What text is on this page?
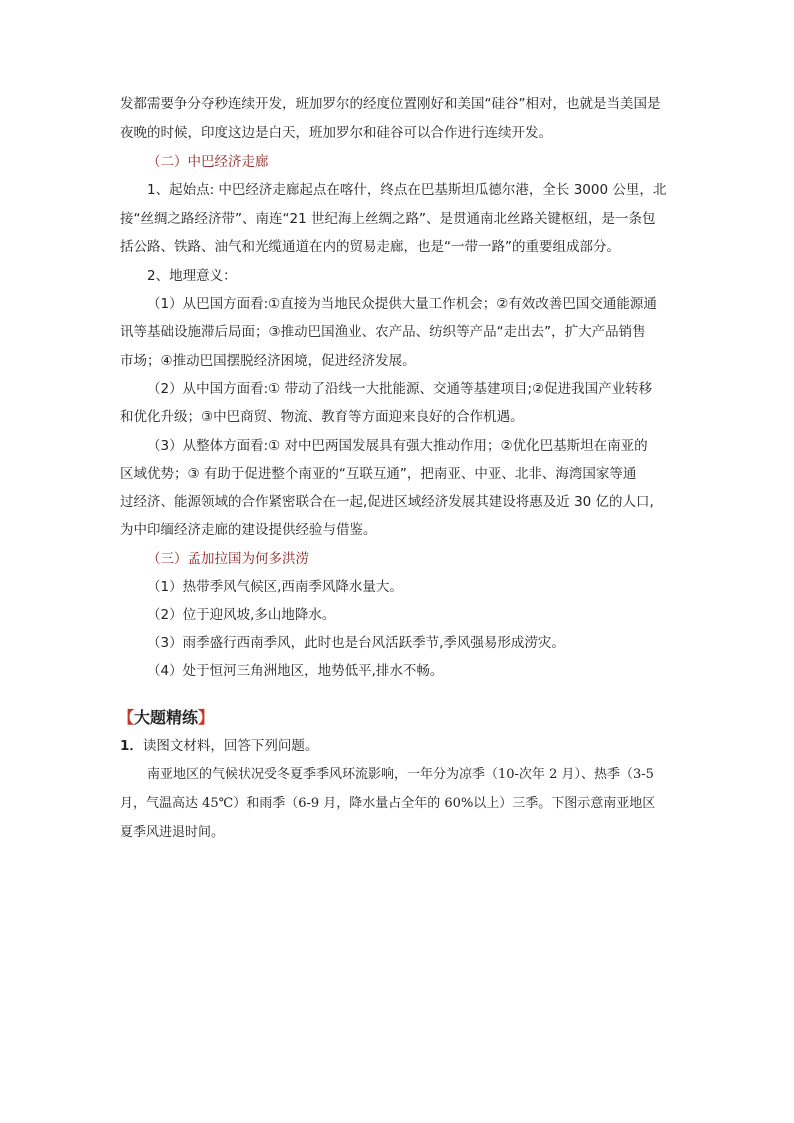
发都需要争分夺秒连续开发，班加罗尔的经度位置刚好和美国“硅谷”相对，也就是当美国是
夜晚的时候，印度这边是白天，班加罗尔和硅谷可以合作进行连续开发。
（二）中巴经济走廊
1、起始点: 中巴经济走廊起点在喀什，终点在巴基斯坦瓜德尔港，全长 3000 公里，北
接“丝绸之路经济带”、南连“21 世纪海上丝绸之路”、是贯通南北丝路关键枢纽，是一条包
括公路、铁路、油气和光缆通道在内的贸易走廊，也是“一带一路”的重要组成部分。
2、地理意义：
（1）从巴国方面看:①直接为当地民众提供大量工作机会；②有效改善巴国交通能源通
讯等基础设施滞后局面；③推动巴国渔业、农产品、纺织等产品“走出去”，扩大产品销售
市场；④推动巴国摆脱经济困境，促进经济发展。
（2）从中国方面看:① 带动了沿线一大批能源、交通等基建项目;②促进我国产业转移
和优化升级；③中巴商贸、物流、教育等方面迎来良好的合作机遇。
（3）从整体方面看:① 对中巴两国发展具有强大推动作用；②优化巴基斯坦在南亚的
区域优势；③ 有助于促进整个南亚的“互联互通”，把南亚、中亚、北非、海湾国家等通
过经济、能源领域的合作紧密联合在一起,促进区域经济发展其建设将惠及近 30 亿的人口,
为中印缅经济走廊的建设提供经验与借鉴。
（三）孟加拉国为何多洪涝
（1）热带季风气候区,西南季风降水量大。
（2）位于迎风坡,多山地降水。
（3）雨季盛行西南季风，此时也是台风活跃季节,季风强易形成涝灾。
（4）处于恒河三角洲地区，地势低平,排水不畅。
【大题精练】
1．读图文材料，回答下列问题。
南亚地区的气候状况受冬夏季季风环流影响，一年分为凉季（10-次年 2 月）、热季（3-5
月，气温高达 45℃）和雨季（6-9 月，降水量占全年的 60%以上）三季。下图示意南亚地区
夏季风进退时间。
